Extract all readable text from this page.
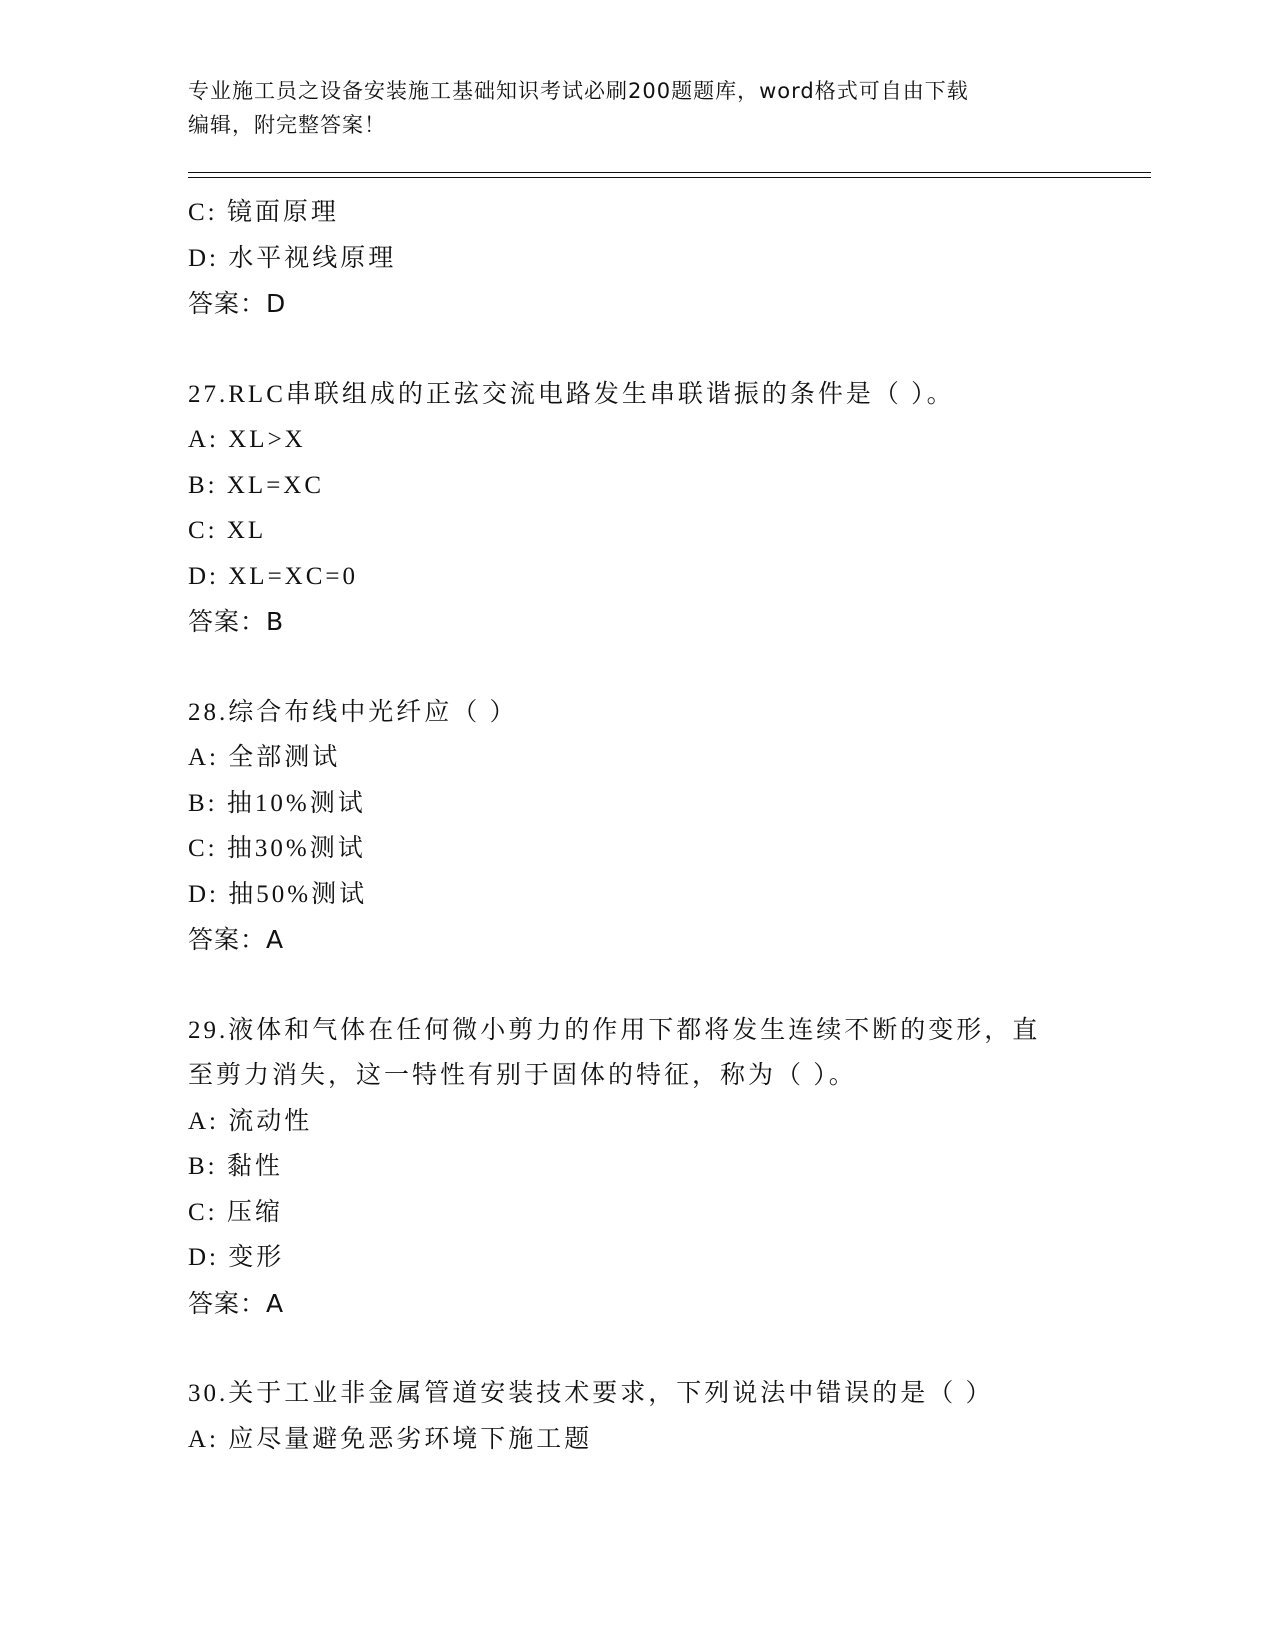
专业施工员之设备安装施工基础知识考试必刷200题题库，word格式可自由下载
编辑，附完整答案！
C: 镜面原理
D: 水平视线原理
答案：D
27.RLC串联组成的正弦交流电路发生串联谐振的条件是（ ）。
A: XL>X
B: XL=XC
C: XL
D: XL=XC=0
答案：B
28.综合布线中光纤应（ ）
A: 全部测试
B: 抽10%测试
C: 抽30%测试
D: 抽50%测试
答案：A
29.液体和气体在任何微小剪力的作用下都将发生连续不断的变形，直
至剪力消失，这一特性有别于固体的特征，称为（ ）。
A: 流动性
B: 黏性
C: 压缩
D: 变形
答案：A
30.关于工业非金属管道安装技术要求，下列说法中错误的是（ ）
A: 应尽量避免恶劣环境下施工题
